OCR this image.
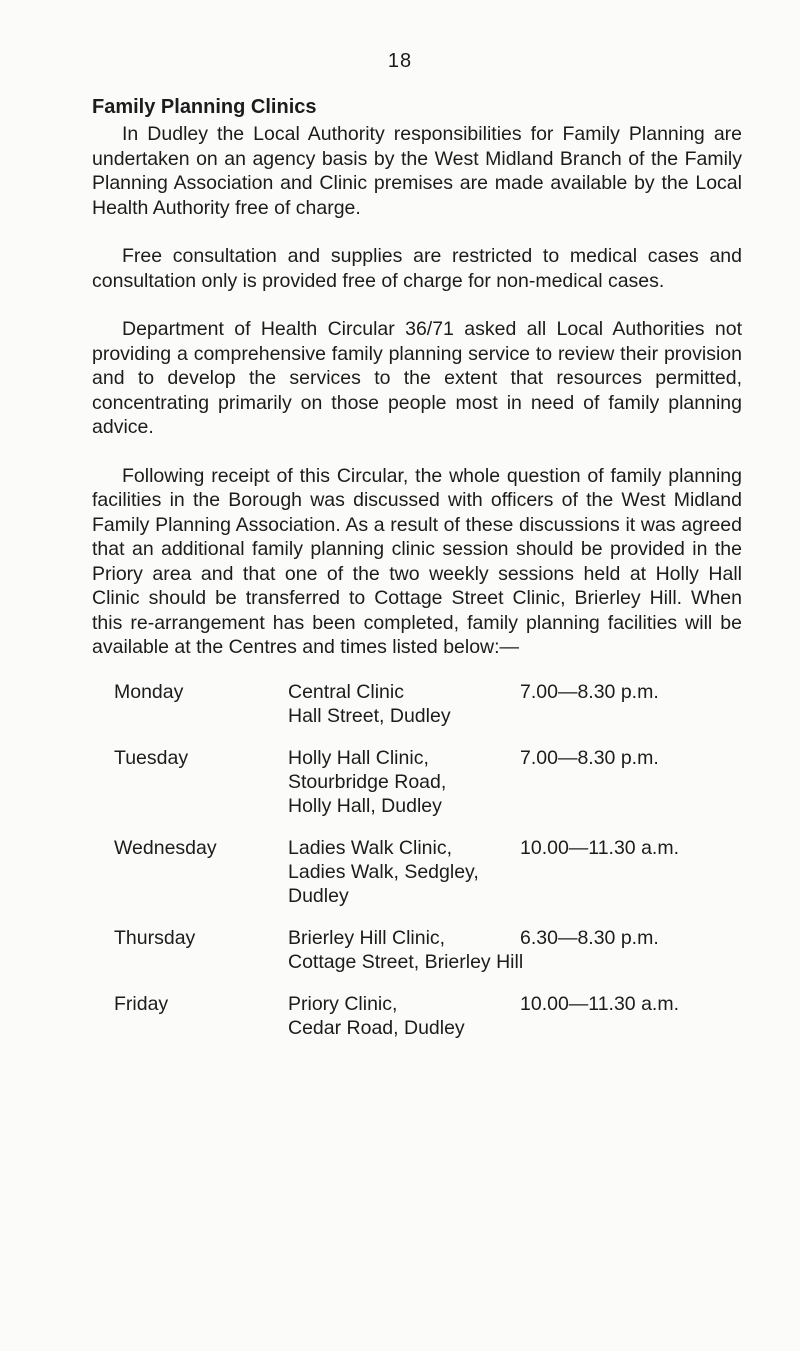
18
Family Planning Clinics

In Dudley the Local Authority responsibilities for Family Planning are undertaken on an agency basis by the West Midland Branch of the Family Planning Association and Clinic premises are made available by the Local Health Authority free of charge.

Free consultation and supplies are restricted to medical cases and consultation only is provided free of charge for non-medical cases.

Department of Health Circular 36/71 asked all Local Authorities not providing a comprehensive family planning service to review their provision and to develop the services to the extent that resources permitted, concentrating primarily on those people most in need of family planning advice.

Following receipt of this Circular, the whole question of family planning facilities in the Borough was discussed with officers of the West Midland Family Planning Association. As a result of these discussions it was agreed that an additional family planning clinic session should be provided in the Priory area and that one of the two weekly sessions held at Holly Hall Clinic should be transferred to Cottage Street Clinic, Brierley Hill. When this re-arrangement has been completed, family planning facilities will be available at the Centres and times listed below:—

Monday	Central Clinic
Hall Street, Dudley
7.00—8.30 p.m.
Tuesday	Holly Hall Clinic,
Stourbridge Road,
Holly Hall, Dudley
7.00—8.30 p.m.
Wednesday	Ladies Walk Clinic,
Ladies Walk, Sedgley,
Dudley
10.00—11.30 a.m.
Thursday	Brierley Hill Clinic,
Cottage Street, Brierley Hill
6.30—8.30 p.m.
Friday	Priory Clinic,
Cedar Road, Dudley
10.00—11.30 a.m.
